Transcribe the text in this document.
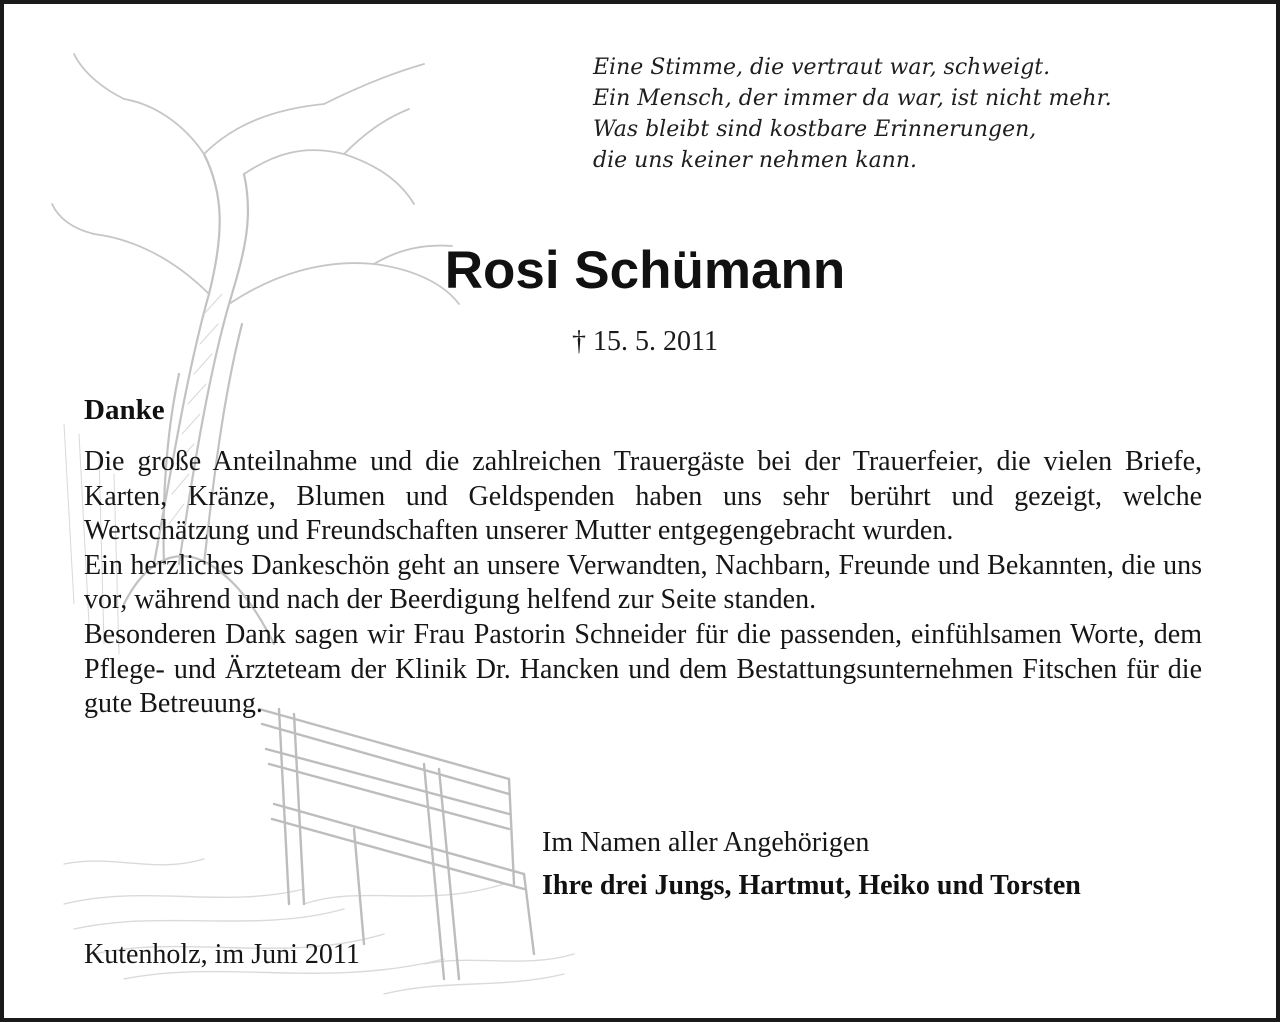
Eine Stimme, die vertraut war, schweigt.
Ein Mensch, der immer da war, ist nicht mehr.
Was bleibt sind kostbare Erinnerungen,
die uns keiner nehmen kann.
Rosi Schümann
† 15. 5. 2011
Danke

Die große Anteilnahme und die zahlreichen Trauergäste bei der Trauerfeier, die vielen Briefe, Karten, Kränze, Blumen und Geldspenden haben uns sehr berührt und gezeigt, welche Wertschätzung und Freundschaften unserer Mutter entgegengebracht wurden.

Ein herzliches Dankeschön geht an unsere Verwandten, Nachbarn, Freunde und Bekannten, die uns vor, während und nach der Beerdigung helfend zur Seite standen.

Besonderen Dank sagen wir Frau Pastorin Schneider für die passenden, einfühlsamen Worte, dem Pflege- und Ärzteteam der Klinik Dr. Hancken und dem Bestattungsunternehmen Fitschen für die gute Betreuung.

Im Namen aller Angehörigen
Ihre drei Jungs, Hartmut, Heiko und Torsten
Kutenholz, im Juni 2011
